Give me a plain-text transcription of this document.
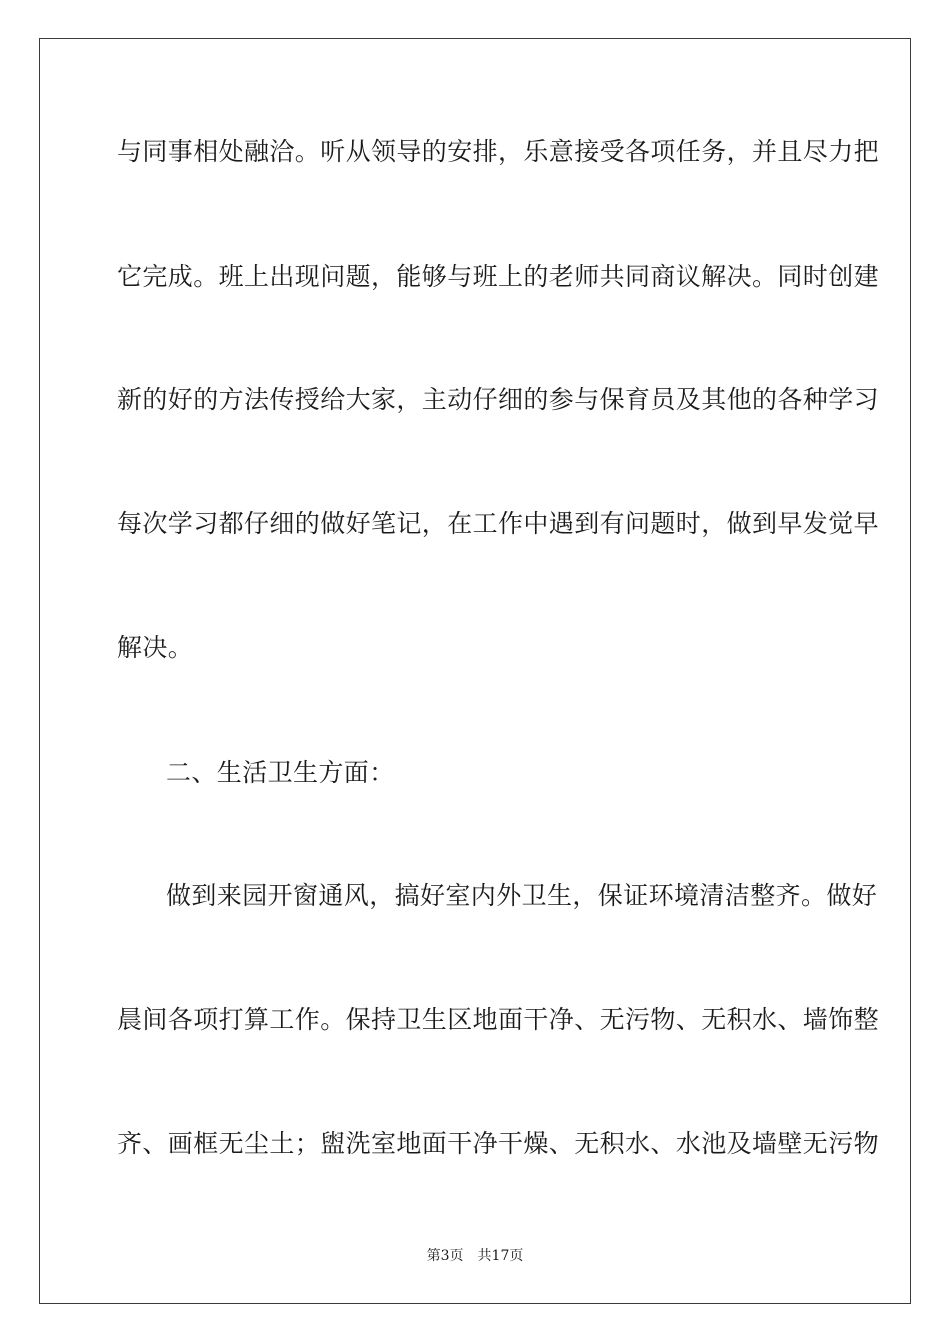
与同事相处融洽。听从领导的安排，乐意接受各项任务，并且尽力把
它完成。班上出现问题，能够与班上的老师共同商议解决。同时创建
新的好的方法传授给大家，主动仔细的参与保育员及其他的各种学习
每次学习都仔细的做好笔记，在工作中遇到有问题时，做到早发觉早
解决。
二、生活卫生方面：
做到来园开窗通风，搞好室内外卫生，保证环境清洁整齐。做好
晨间各项打算工作。保持卫生区地面干净、无污物、无积水、墙饰整
齐、画框无尘土；盥洗室地面干净干燥、无积水、水池及墙壁无污物
第3页 共17页
